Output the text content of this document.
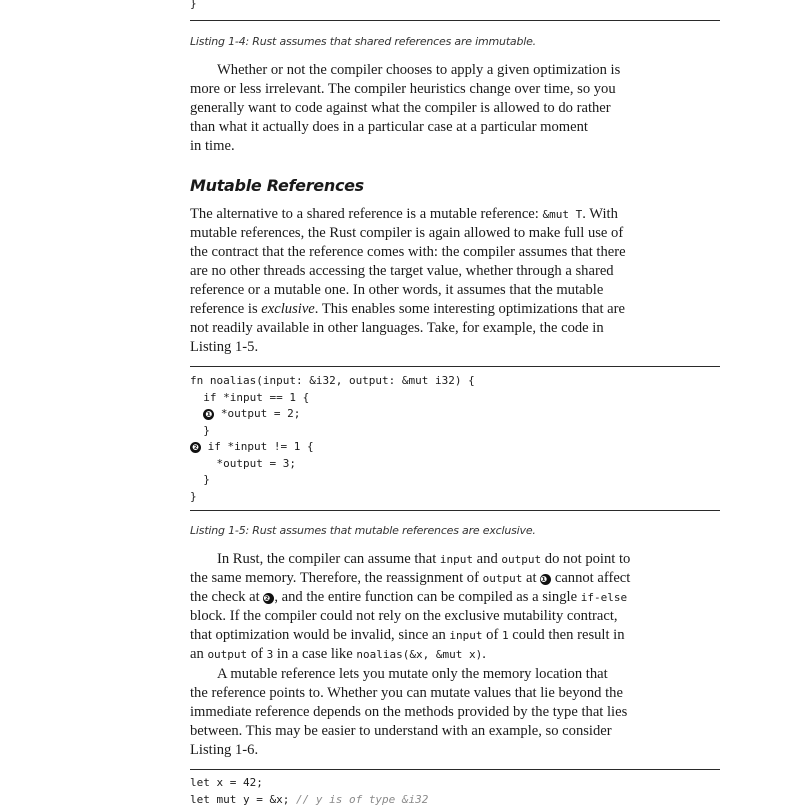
}
Listing 1-4: Rust assumes that shared references are immutable.
Whether or not the compiler chooses to apply a given optimization is
more or less irrelevant. The compiler heuristics change over time, so you
generally want to code against what the compiler is allowed to do rather
than what it actually does in a particular case at a particular moment
in time.
Mutable References
The alternative to a shared reference is a mutable reference: &mut T. With
mutable references, the Rust compiler is again allowed to make full use of
the contract that the reference comes with: the compiler assumes that there
are no other threads accessing the target value, whether through a shared
reference or a mutable one. In other words, it assumes that the mutable
reference is exclusive. This enables some interesting optimizations that are
not readily available in other languages. Take, for example, the code in
Listing 1-5.
fn noalias(input: &i32, output: &mut i32) {
if *input == 1 {
❶ *output = 2;
}
❷ if *input != 1 {
*output = 3;
}
}
Listing 1-5: Rust assumes that mutable references are exclusive.
In Rust, the compiler can assume that input and output do not point to
the same memory. Therefore, the reassignment of output at ❶ cannot affect
the check at ❷ , and the entire function can be compiled as a single if-else
block. If the compiler could not rely on the exclusive mutability contract,
that optimization would be invalid, since an input of 1 could then result in
an output of 3 in a case like noalias(&x, &mut x).
A mutable reference lets you mutate only the memory location that
the reference points to. Whether you can mutate values that lie beyond the
immediate reference depends on the methods provided by the type that lies
between. This may be easier to understand with an example, so consider
Listing 1-6.
let x = 42;
let mut y = &x; // y is of type &i32
